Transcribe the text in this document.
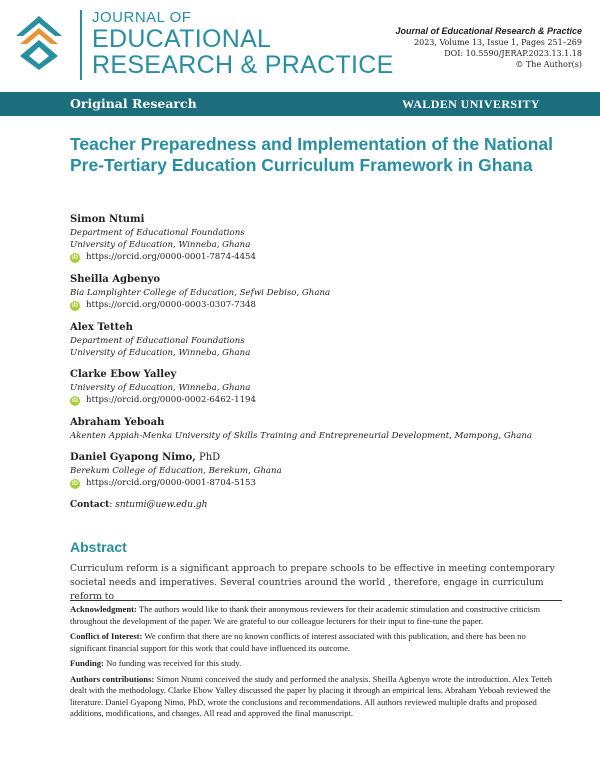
JOURNAL OF
EDUCATIONAL
RESEARCH & PRACTICE
Journal of Educational Research & Practice
2023, Volume 13, Issue 1, Pages 251–269
DOI: 10.5590/JERAP.2023.13.1.18
© The Author(s)
Original Research	WALDEN UNIVERSITY
Teacher Preparedness and Implementation of the National Pre-Tertiary Education Curriculum Framework in Ghana
Simon Ntumi
Department of Educational Foundations
University of Education, Winneba, Ghana
iD https://orcid.org/0000-0001-7874-4454
Sheilla Agbenyo
Bia Lamplighter College of Education, Sefwi Debiso, Ghana
iD https://orcid.org/0000-0003-0307-7348
Alex Tetteh
Department of Educational Foundations
University of Education, Winneba, Ghana
Clarke Ebow Yalley
University of Education, Winneba, Ghana
iD https://orcid.org/0000-0002-6462-1194
Abraham Yeboah
Akenten Appiah-Menka University of Skills Training and Entrepreneurial Development, Mampong, Ghana
Daniel Gyapong Nimo, PhD
Berekum College of Education, Berekum, Ghana
iD https://orcid.org/0000-0001-8704-5153
Contact: sntumi@uew.edu.gh
Abstract
Curriculum reform is a significant approach to prepare schools to be effective in meeting contemporary societal needs and imperatives. Several countries around the world , therefore, engage in curriculum reform to

Acknowledgment: The authors would like to thank their anonymous reviewers for their academic stimulation and constructive criticism throughout the development of the paper. We are grateful to our colleague lecturers for their input to fine-tune the paper.

Conflict of Interest: We confirm that there are no known conflicts of interest associated with this publication, and there has been no significant financial support for this work that could have influenced its outcome.

Funding: No funding was received for this study.

Authors contributions: Simon Ntumi conceived the study and performed the analysis. Sheilla Agbenyo wrote the introduction. Alex Tetteh dealt with the methodology. Clarke Ebow Yalley discussed the paper by placing it through an empirical lens. Abraham Yeboah reviewed the literature. Daniel Gyapong Nimo, PhD, wrote the conclusions and recommendations. All authors reviewed multiple drafts and proposed additions, modifications, and changes. All read and approved the final manuscript.
